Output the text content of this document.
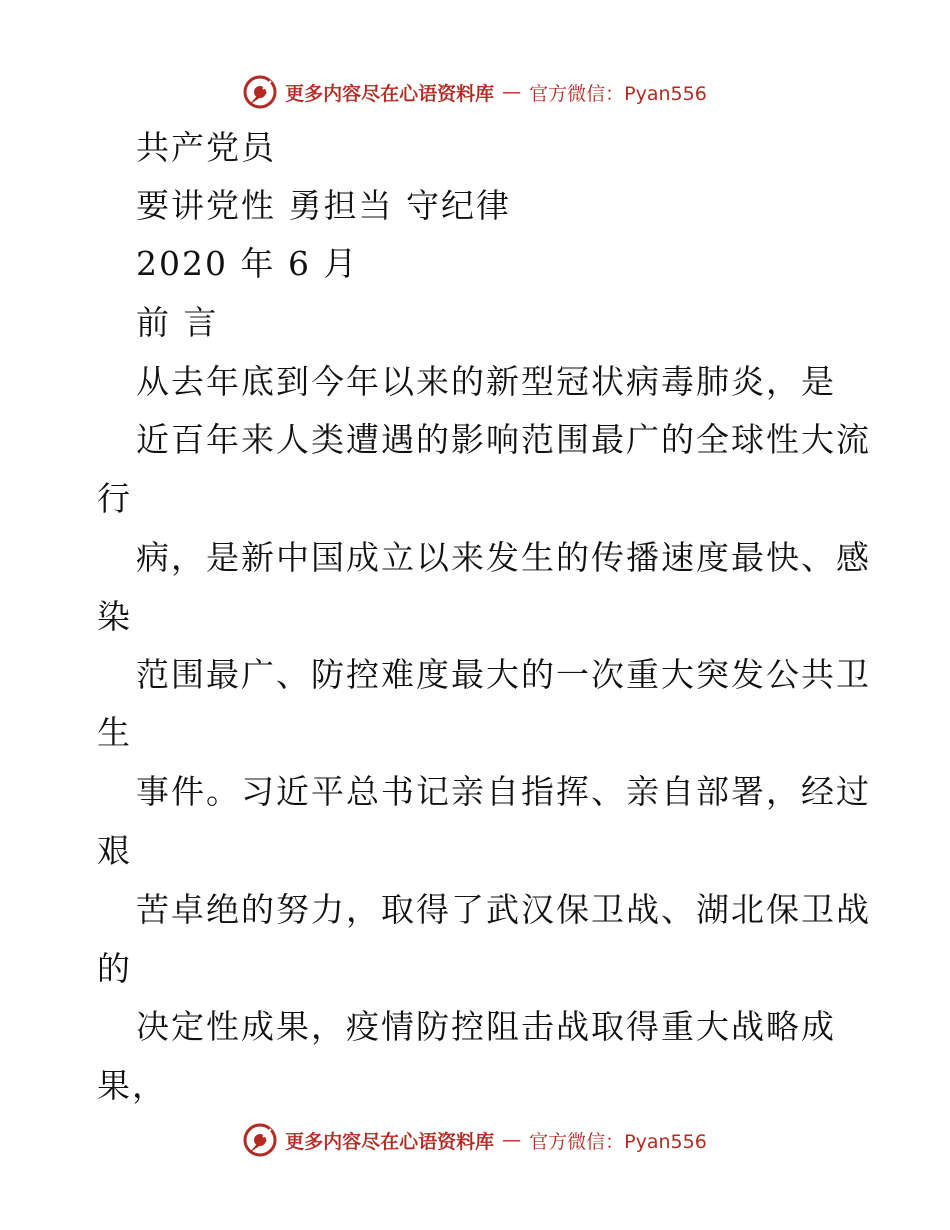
更多内容尽在心语资料库 — 官方微信：Pyan556
共产党员
要讲党性 勇担当 守纪律
2020 年 6 月
前 言
从去年底到今年以来的新型冠状病毒肺炎，是
近百年来人类遭遇的影响范围最广的全球性大流
行
病，是新中国成立以来发生的传播速度最快、感
染
范围最广、防控难度最大的一次重大突发公共卫
生
事件。习近平总书记亲自指挥、亲自部署，经过
艰
苦卓绝的努力，取得了武汉保卫战、湖北保卫战
的
决定性成果，疫情防控阻击战取得重大战略成
果，
更多内容尽在心语资料库 — 官方微信：Pyan556
